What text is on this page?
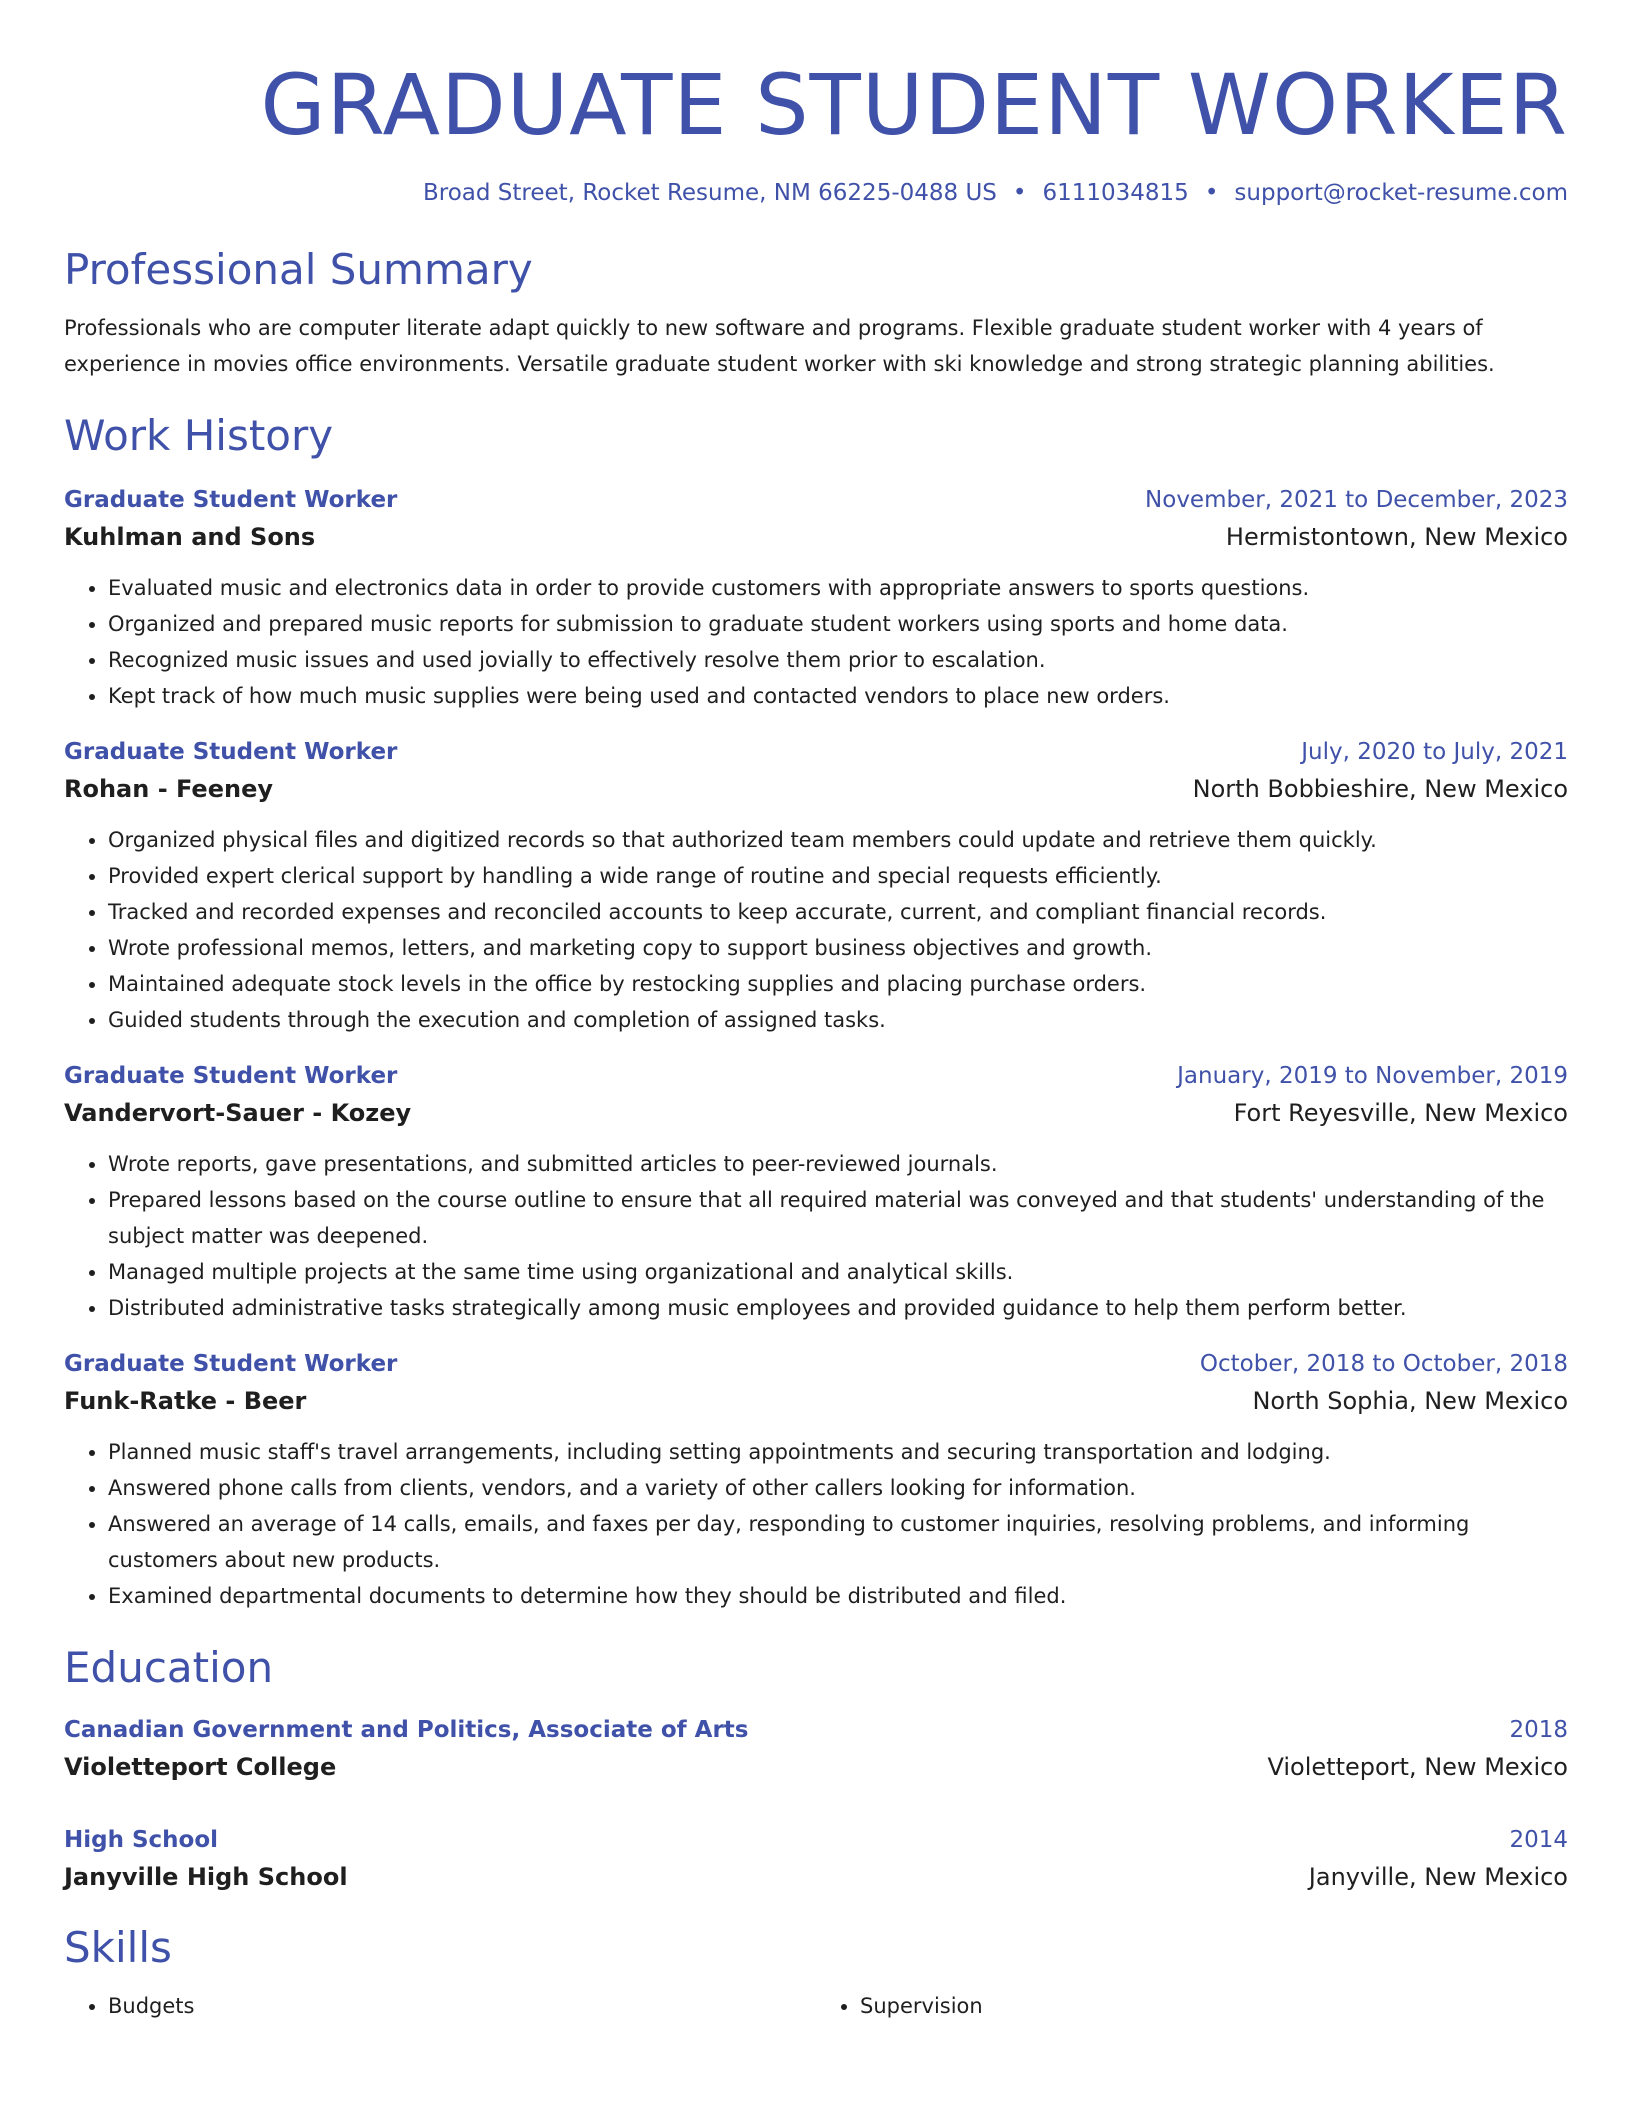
GRADUATE STUDENT WORKER
Broad Street, Rocket Resume, NM 66225-0488 US • 6111034815 • support@rocket-resume.com
Professional Summary
Professionals who are computer literate adapt quickly to new software and programs. Flexible graduate student worker with 4 years of experience in movies office environments. Versatile graduate student worker with ski knowledge and strong strategic planning abilities.
Work History
Graduate Student Worker	November, 2021 to December, 2023
Kuhlman and Sons	Hermistontown, New Mexico
• Evaluated music and electronics data in order to provide customers with appropriate answers to sports questions.
• Organized and prepared music reports for submission to graduate student workers using sports and home data.
• Recognized music issues and used jovially to effectively resolve them prior to escalation.
• Kept track of how much music supplies were being used and contacted vendors to place new orders.
Graduate Student Worker	July, 2020 to July, 2021
Rohan - Feeney	North Bobbieshire, New Mexico
• Organized physical files and digitized records so that authorized team members could update and retrieve them quickly.
• Provided expert clerical support by handling a wide range of routine and special requests efficiently.
• Tracked and recorded expenses and reconciled accounts to keep accurate, current, and compliant financial records.
• Wrote professional memos, letters, and marketing copy to support business objectives and growth.
• Maintained adequate stock levels in the office by restocking supplies and placing purchase orders.
• Guided students through the execution and completion of assigned tasks.
Graduate Student Worker	January, 2019 to November, 2019
Vandervort-Sauer - Kozey	Fort Reyesville, New Mexico
• Wrote reports, gave presentations, and submitted articles to peer-reviewed journals.
• Prepared lessons based on the course outline to ensure that all required material was conveyed and that students' understanding of the subject matter was deepened.
• Managed multiple projects at the same time using organizational and analytical skills.
• Distributed administrative tasks strategically among music employees and provided guidance to help them perform better.
Graduate Student Worker	October, 2018 to October, 2018
Funk-Ratke - Beer	North Sophia, New Mexico
• Planned music staff's travel arrangements, including setting appointments and securing transportation and lodging.
• Answered phone calls from clients, vendors, and a variety of other callers looking for information.
• Answered an average of 14 calls, emails, and faxes per day, responding to customer inquiries, resolving problems, and informing customers about new products.
• Examined departmental documents to determine how they should be distributed and filed.
Education
Canadian Government and Politics, Associate of Arts	2018
Violetteport College	Violetteport, New Mexico
High School	2014
Janyville High School	Janyville, New Mexico
Skills
• Budgets
•	Supervision
